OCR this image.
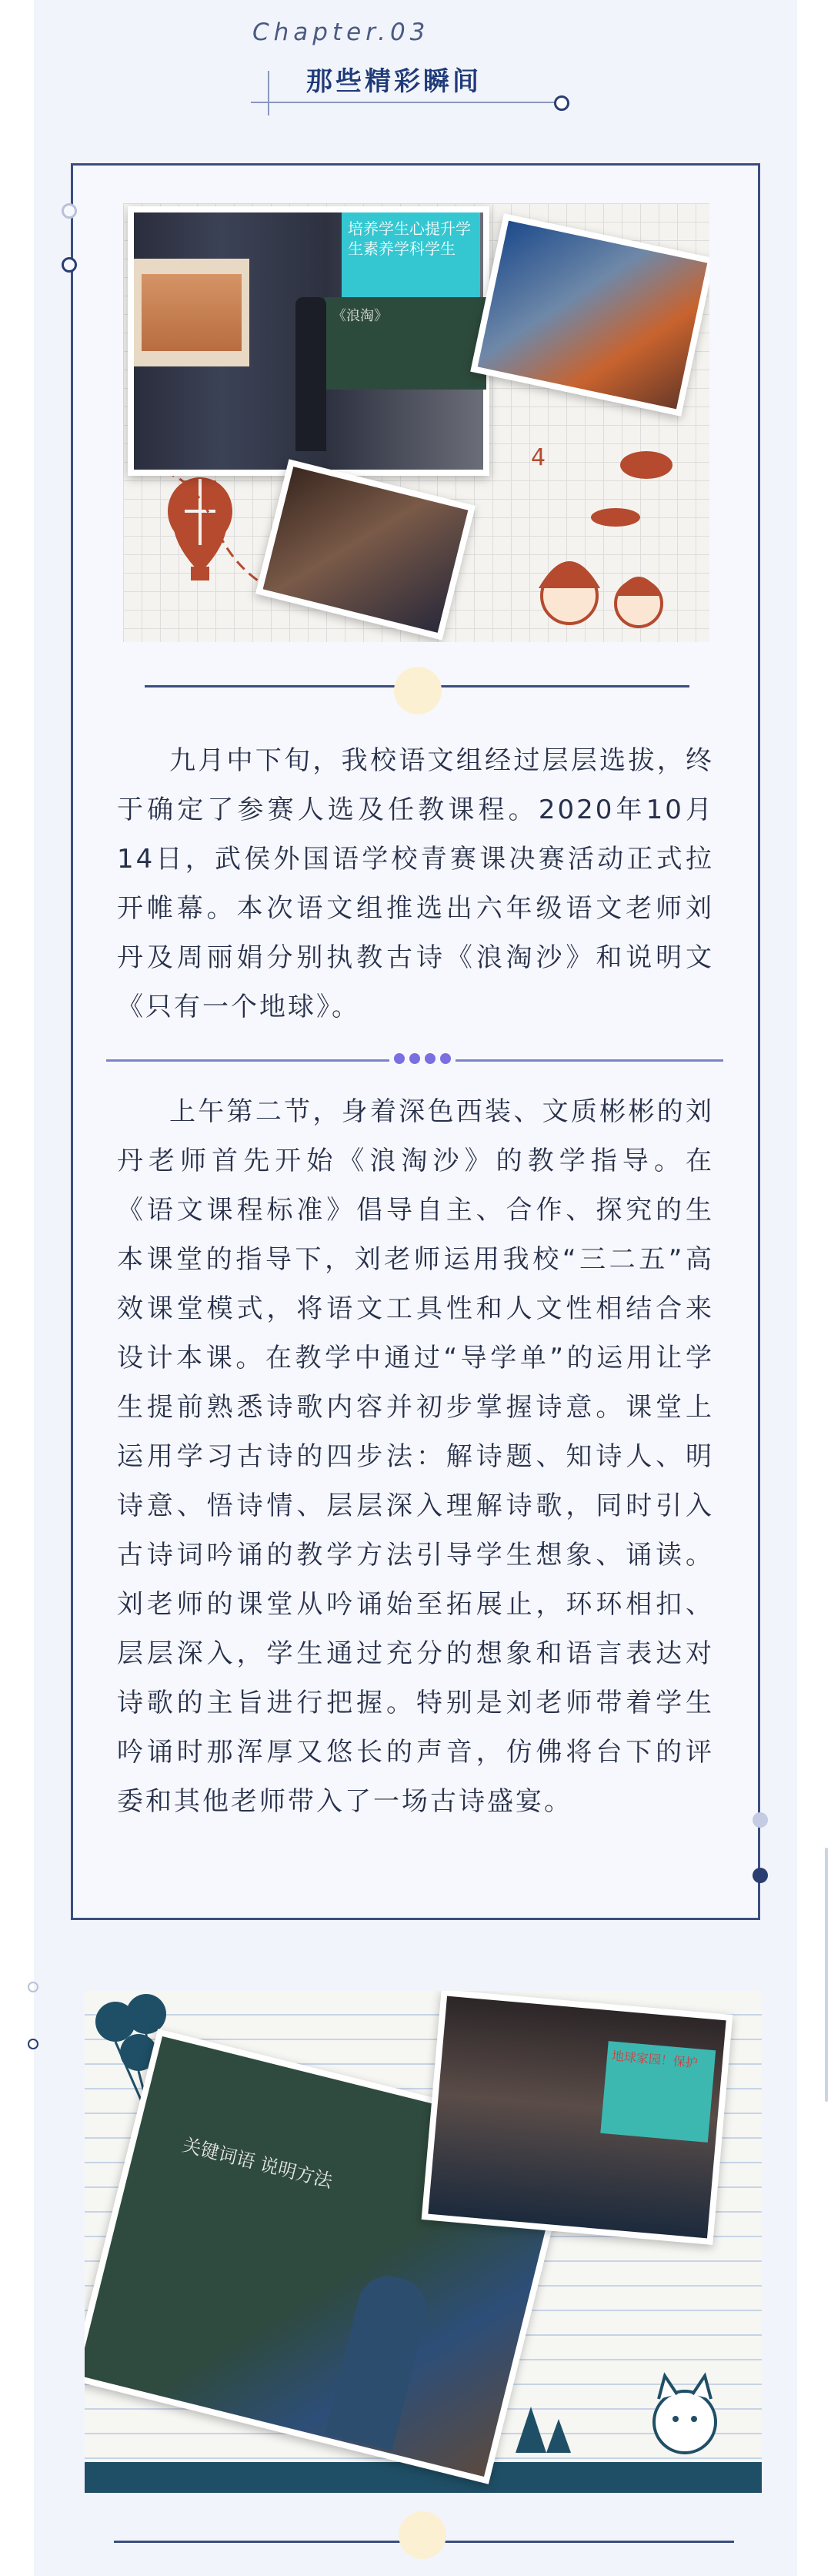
Chapter.03
那些精彩瞬间
4
培养学生心提升学生素养学科学生
《浪淘》

九月中下旬，我校语文组经过层层选拔，终于确定了参赛人选及任教课程。2020年10月14日，武侯外国语学校青赛课决赛活动正式拉开帷幕。本次语文组推选出六年级语文老师刘丹及周丽娟分别执教古诗《浪淘沙》和说明文《只有一个地球》。

上午第二节，身着深色西装、文质彬彬的刘丹老师首先开始《浪淘沙》的教学指导。在《语文课程标准》倡导自主、合作、探究的生本课堂的指导下，刘老师运用我校“三二五”高效课堂模式，将语文工具性和人文性相结合来设计本课。在教学中通过“导学单”的运用让学生提前熟悉诗歌内容并初步掌握诗意。课堂上运用学习古诗的四步法：解诗题、知诗人、明诗意、悟诗情、层层深入理解诗歌，同时引入古诗词吟诵的教学方法引导学生想象、诵读。刘老师的课堂从吟诵始至拓展止，环环相扣、层层深入，学生通过充分的想象和语言表达对诗歌的主旨进行把握。特别是刘老师带着学生吟诵时那浑厚又悠长的声音，仿佛将台下的评委和其他老师带入了一场古诗盛宴。

关键词语 说明方法
地球家园！保护
